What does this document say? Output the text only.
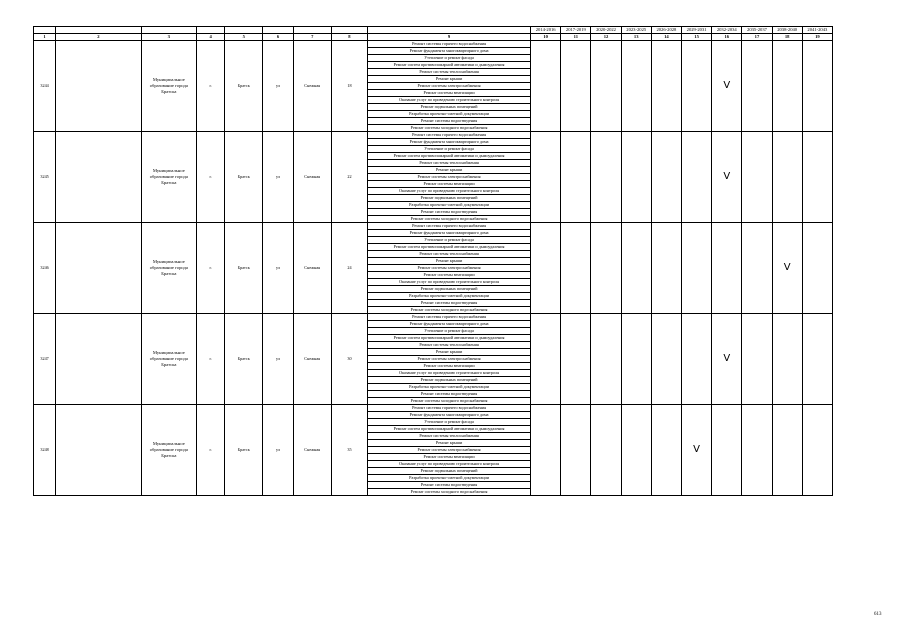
									2014-2016	2017-2019	2020-2022	2023-2025	2026-2028	2029-2031	2032-2034	2035-2037	2038-2040	2041-2043
1	2	3	4	5	6	7	8	9	10	11	12	13	14	15	16	17	18	19
3244		Муниципальное образование города Братска	г.	Братск	ул	Снежная	18	Ремонт системы горячего водоснабжения							V			
								Ремонт фундамента многоквартирного дома										
								Утепление и ремонт фасада										
								Ремонт систем противопожарной автоматики и дымоудаления										
								Ремонт системы теплоснабжения										
								Ремонт крыши										
								Ремонт системы электроснабжения										
								Ремонт системы вентиляции										
								Оказание услуг по проведению строительного контроля										
								Ремонт подвальных помещений										
								Разработка проектно-сметной документации										
								Ремонт системы водоотведения										
								Ремонт системы холодного водоснабжения										
3245		Муниципальное образование города Братска	г.	Братск	ул	Снежная	22	Ремонт системы горячего водоснабжения							V			
								Ремонт фундамента многоквартирного дома										
								Утепление и ремонт фасада										
								Ремонт систем противопожарной автоматики и дымоудаления										
								Ремонт системы теплоснабжения										
								Ремонт крыши										
								Ремонт системы электроснабжения										
								Ремонт системы вентиляции										
								Оказание услуг по проведению строительного контроля										
								Ремонт подвальных помещений										
								Разработка проектно-сметной документации										
								Ремонт системы водоотведения										
								Ремонт системы холодного водоснабжения										
3246		Муниципальное образование города Братска	г.	Братск	ул	Снежная	24	Ремонт системы горячего водоснабжения									V	
								Ремонт фундамента многоквартирного дома										
								Утепление и ремонт фасада										
								Ремонт систем противопожарной автоматики и дымоудаления										
								Ремонт системы теплоснабжения										
								Ремонт крыши										
								Ремонт системы электроснабжения										
								Ремонт системы вентиляции										
								Оказание услуг по проведению строительного контроля										
								Ремонт подвальных помещений										
								Разработка проектно-сметной документации										
								Ремонт системы водоотведения										
								Ремонт системы холодного водоснабжения										
3247		Муниципальное образование города Братска	г.	Братск	ул	Снежная	30	Ремонт системы горячего водоснабжения							V			
								Ремонт фундамента многоквартирного дома										
								Утепление и ремонт фасада										
								Ремонт систем противопожарной автоматики и дымоудаления										
								Ремонт системы теплоснабжения										
								Ремонт крыши										
								Ремонт системы электроснабжения										
								Ремонт системы вентиляции										
								Оказание услуг по проведению строительного контроля										
								Ремонт подвальных помещений										
								Разработка проектно-сметной документации										
								Ремонт системы водоотведения										
								Ремонт системы холодного водоснабжения										
3248		Муниципальное образование города Братска	г.	Братск	ул	Снежная	35	Ремонт системы горячего водоснабжения						V				
								Ремонт фундамента многоквартирного дома										
								Утепление и ремонт фасада										
								Ремонт систем противопожарной автоматики и дымоудаления										
								Ремонт системы теплоснабжения										
								Ремонт крыши										
								Ремонт системы электроснабжения										
								Ремонт системы вентиляции										
								Оказание услуг по проведению строительного контроля										
								Ремонт подвальных помещений										
								Разработка проектно-сметной документации										
								Ремонт системы водоотведения										
								Ремонт системы холодного водоснабжения										
613
